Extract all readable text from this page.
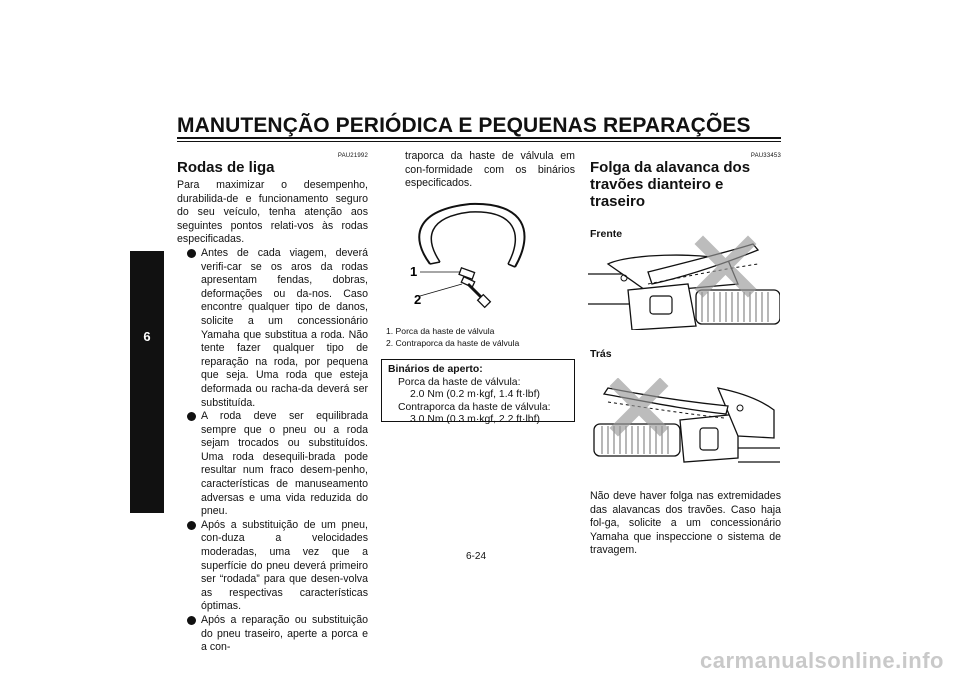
MANUTENÇÃO PERIÓDICA E PEQUENAS REPARAÇÕES
6
PAU21992
Rodas de liga
Para maximizar o desempenho, durabilida-de e funcionamento seguro do seu veículo, tenha atenção aos seguintes pontos relati-vos às rodas especificadas.
Antes de cada viagem, deverá verifi-car se os aros da rodas apresentam fendas, dobras, deformações ou da-nos. Caso encontre qualquer tipo de danos, solicite a um concessionário Yamaha que substitua a roda. Não tente fazer qualquer tipo de reparação na roda, por pequena que seja. Uma roda que esteja deformada ou racha-da deverá ser substituída.
A roda deve ser equilibrada sempre que o pneu ou a roda sejam trocados ou substituídos. Uma roda desequili-brada pode resultar num fraco desem-penho, características de manuseamento adversas e uma vida reduzida do pneu.
Após a substituição de um pneu, con-duza a velocidades moderadas, uma vez que a superfície do pneu deverá primeiro ser “rodada” para que desen-volva as respectivas características óptimas.
Após a reparação ou substituição do pneu traseiro, aperte a porca e a con-
traporca da haste de válvula em con-formidade com os binários especificados.
1
2
1. Porca da haste de válvula
2. Contraporca da haste de válvula
Binários de aperto:
Porca da haste de válvula:
2.0 Nm (0.2 m·kgf, 1.4 ft·lbf)
Contraporca da haste de válvula:
3.0 Nm (0.3 m·kgf, 2.2 ft·lbf)
PAU33453
Folga da alavanca dos travões dianteiro e traseiro
Frente
Trás
Não deve haver folga nas extremidades das alavancas dos travões. Caso haja fol-ga, solicite a um concessionário Yamaha que inspeccione o sistema de travagem.
6-24
carmanualsonline.info
